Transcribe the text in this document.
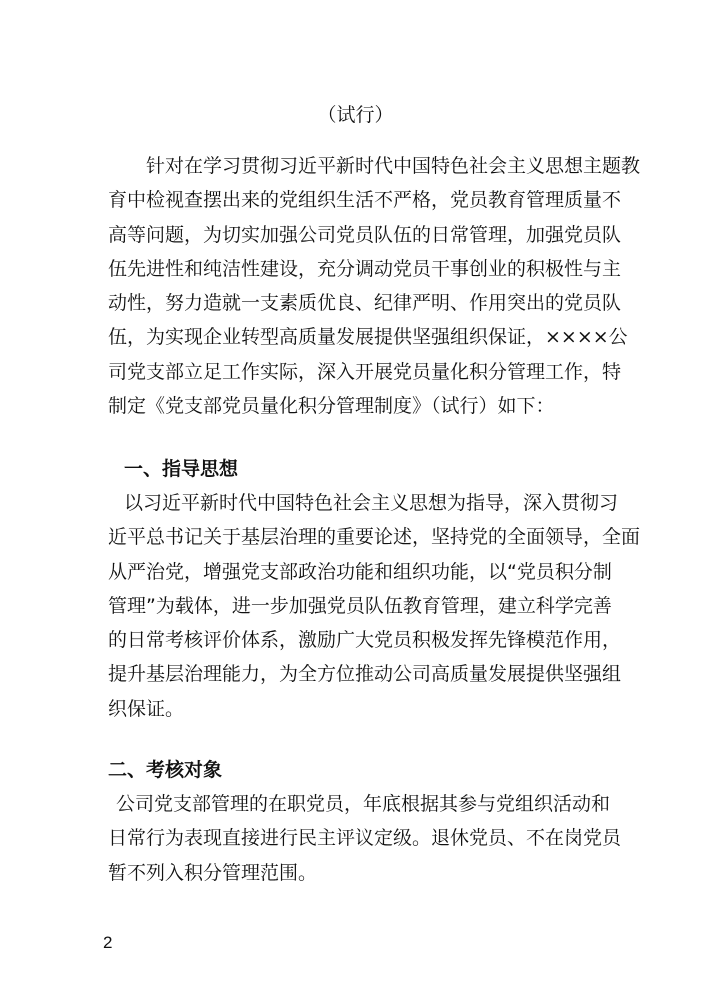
（试行）
针对在学习贯彻习近平新时代中国特色社会主义思想主题教
育中检视查摆出来的党组织生活不严格，党员教育管理质量不
高等问题，为切实加强公司党员队伍的日常管理，加强党员队
伍先进性和纯洁性建设，充分调动党员干事创业的积极性与主
动性，努力造就一支素质优良、纪律严明、作用突出的党员队
伍，为实现企业转型高质量发展提供坚强组织保证，××××公
司党支部立足工作实际，深入开展党员量化积分管理工作，特
制定《党支部党员量化积分管理制度》（试行）如下：
一、指导思想
以习近平新时代中国特色社会主义思想为指导，深入贯彻习
近平总书记关于基层治理的重要论述，坚持党的全面领导，全面
从严治党，增强党支部政治功能和组织功能，以“党员积分制
管理”为载体，进一步加强党员队伍教育管理，建立科学完善
的日常考核评价体系，激励广大党员积极发挥先锋模范作用，
提升基层治理能力，为全方位推动公司高质量发展提供坚强组
织保证。
二、考核对象
公司党支部管理的在职党员，年底根据其参与党组织活动和
日常行为表现直接进行民主评议定级。退休党员、不在岗党员
暂不列入积分管理范围。
2
